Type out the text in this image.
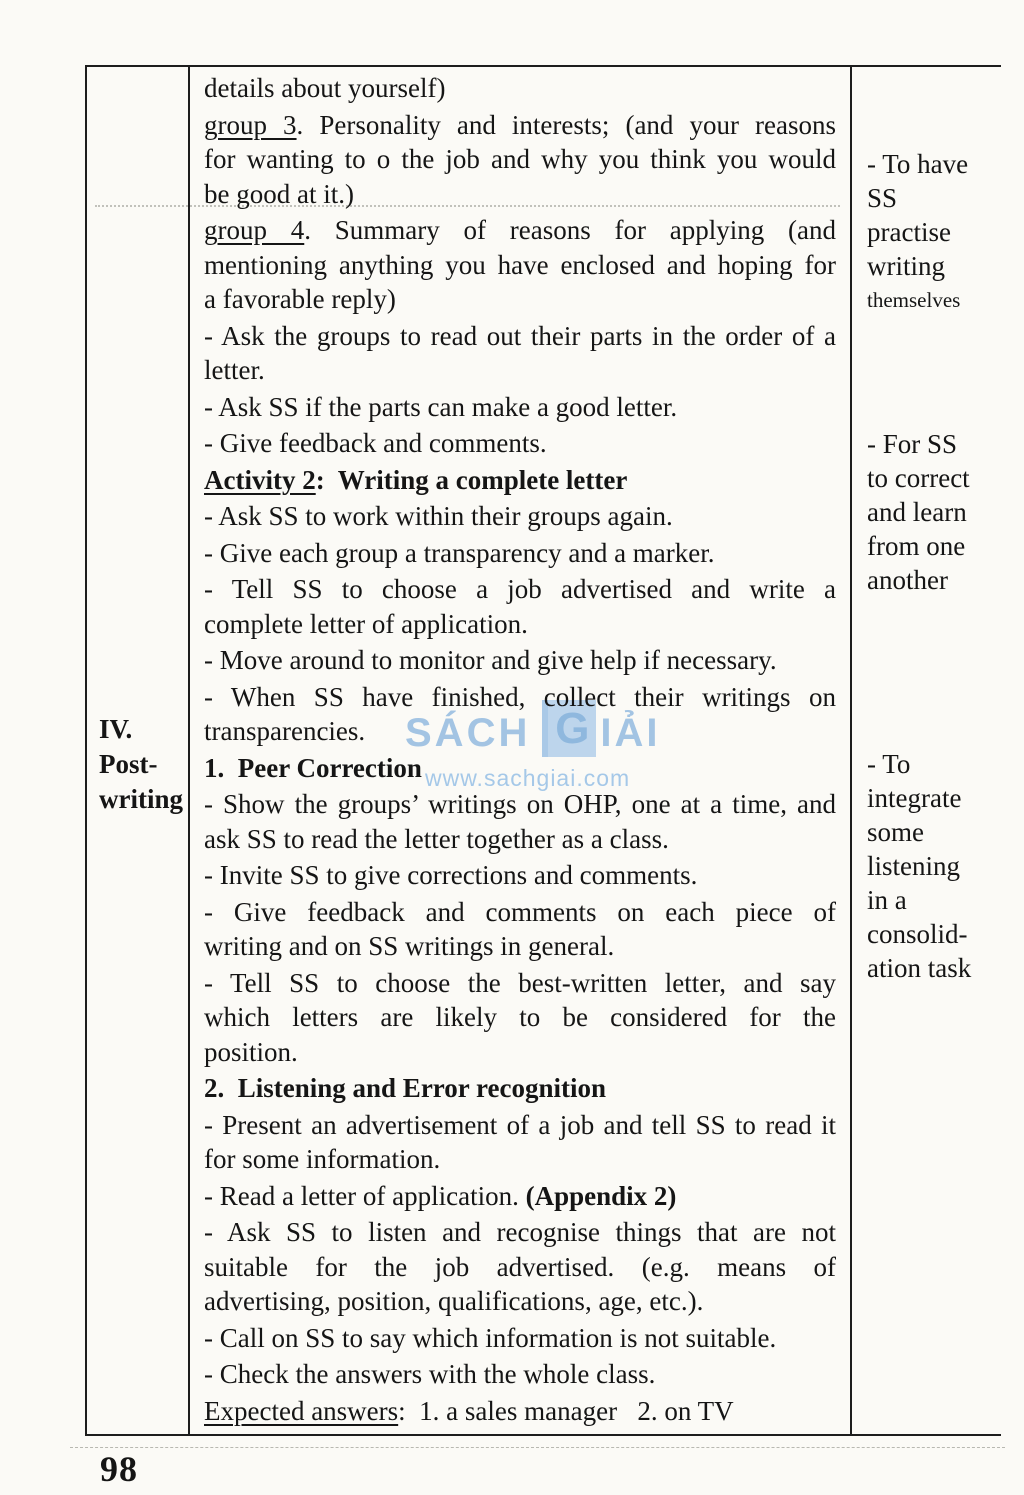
SÁCH G IẢI
www.sachgiai.com
IV.
Post-
writing
details about yourself)
group 3. Personality and interests; (and your reasons
for wanting to o the job and why you think you would
be good at it.)
group 4. Summary of reasons for applying (and
mentioning anything you have enclosed and hoping for
a favorable reply)
- Ask the groups to read out their parts in the order of a
letter.
- Ask SS if the parts can make a good letter.
- Give feedback and comments.
Activity 2:  Writing a complete letter
- Ask SS to work within their groups again.
- Give each group a transparency and a marker.
- Tell SS to choose a job advertised and write a
complete letter of application.
- Move around to monitor and give help if necessary.
- When SS have finished, collect their writings on
transparencies.
1.  Peer Correction
- Show the groups’ writings on OHP, one at a time, and
ask SS to read the letter together as a class.
- Invite SS to give corrections and comments.
- Give feedback and comments on each piece of
writing and on SS writings in general.
- Tell SS to choose the best-written letter, and say
which letters are likely to be considered for the
position.
2.  Listening and Error recognition
- Present an advertisement of a job and tell SS to read it
for some information.
- Read a letter of application. (Appendix 2)
- Ask SS to listen and recognise things that are not
suitable for the job advertised. (e.g. means of
advertising, position, qualifications, age, etc.).
- Call on SS to say which information is not suitable.
- Check the answers with the whole class.
Expected answers:  1. a sales manager   2. on TV
- To have
SS
practise
writing
themselves
- For SS
to correct
and learn
from one
another
- To
integrate
some
listening
in a
consolid-
ation task
98
